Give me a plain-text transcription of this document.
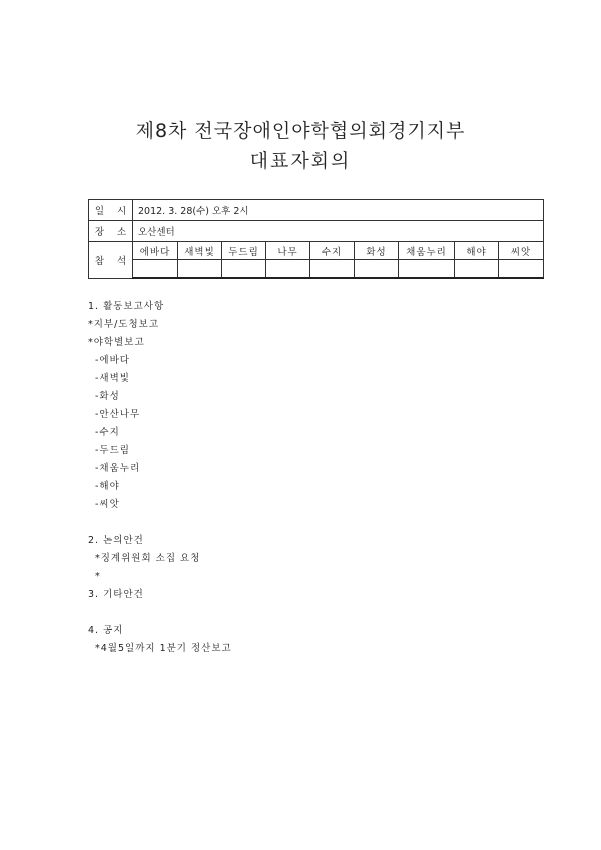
제8차 전국장애인야학협의회경기지부
대표자회의
일 시	2012. 3. 28(수) 오후 2시								
장 소	오산센터								
참 석	에바다	새벽빛	두드림	나무	수지	화성	채움누리	해야	씨앗

1. 활동보고사항
*지부/도청보고
*야학별보고
-에바다
-새벽빛
-화성
-안산나무
-수지
-두드림
-채움누리
-해야
-씨앗
2. 논의안건
*징계위원회 소집 요청
*
3. 기타안건
4. 공지
*4월5일까지 1분기 정산보고
